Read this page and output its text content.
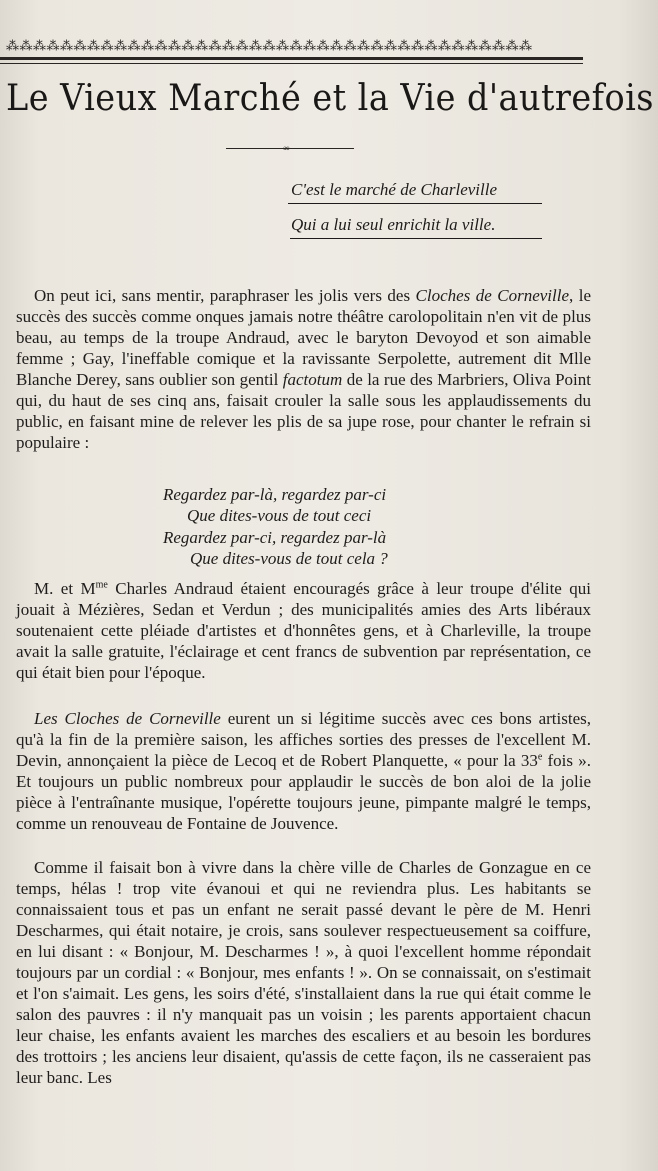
⁂⁂⁂⁂⁂⁂⁂⁂⁂⁂⁂⁂⁂⁂⁂⁂⁂⁂⁂⁂⁂⁂⁂⁂⁂⁂⁂⁂⁂⁂⁂⁂⁂⁂⁂⁂⁂⁂⁂
Le Vieux Marché et la Vie d'autrefois
∞
C'est le marché de Charleville
Qui a lui seul enrichit la ville.

On peut ici, sans mentir, paraphraser les jolis vers des Cloches de Corneville, le succès des succès comme onques jamais notre théâtre carolopolitain n'en vit de plus beau, au temps de la troupe Andraud, avec le baryton Devoyod et son aimable femme ; Gay, l'ineffable comique et la ravissante Serpolette, autrement dit Mlle Blanche Derey, sans oublier son gentil factotum de la rue des Marbriers, Oliva Point qui, du haut de ses cinq ans, faisait crouler la salle sous les applaudissements du public, en faisant mine de relever les plis de sa jupe rose, pour chanter le refrain si populaire :

Regardez par-là, regardez par-ci
Que dites-vous de tout ceci
Regardez par-ci, regardez par-là
Que dites-vous de tout cela ?

M. et $M^{me}$ Charles Andraud étaient encouragés grâce à leur troupe d'élite qui jouait à Mézières, Sedan et Verdun ; des municipalités amies des Arts libéraux soutenaient cette pléiade d'artistes et d'honnêtes gens, et à Charleville, la troupe avait la salle gratuite, l'éclairage et cent francs de subvention par représentation, ce qui était bien pour l'époque.

Les Cloches de Corneville eurent un si légitime succès avec ces bons artistes, qu'à la fin de la première saison, les affiches sorties des presses de l'excellent M. Devin, annonçaient la pièce de Lecoq et de Robert Planquette, « pour la 33e fois ». Et toujours un public nombreux pour applaudir le succès de bon aloi de la jolie pièce à l'entraînante musique, l'opérette toujours jeune, pimpante malgré le temps, comme un renouveau de Fontaine de Jouvence.

Comme il faisait bon à vivre dans la chère ville de Charles de Gonzague en ce temps, hélas ! trop vite évanoui et qui ne reviendra plus. Les habitants se connaissaient tous et pas un enfant ne serait passé devant le père de M. Henri Descharmes, qui était notaire, je crois, sans soulever respectueusement sa coiffure, en lui disant : « Bonjour, M. Descharmes ! », à quoi l'excellent homme répondait toujours par un cordial : « Bonjour, mes enfants ! ». On se connaissait, on s'estimait et l'on s'aimait. Les gens, les soirs d'été, s'installaient dans la rue qui était comme le salon des pauvres : il n'y manquait pas un voisin ; les parents apportaient chacun leur chaise, les enfants avaient les marches des escaliers et au besoin les bordures des trottoirs ; les anciens leur disaient, qu'assis de cette façon, ils ne casseraient pas leur banc. Les
